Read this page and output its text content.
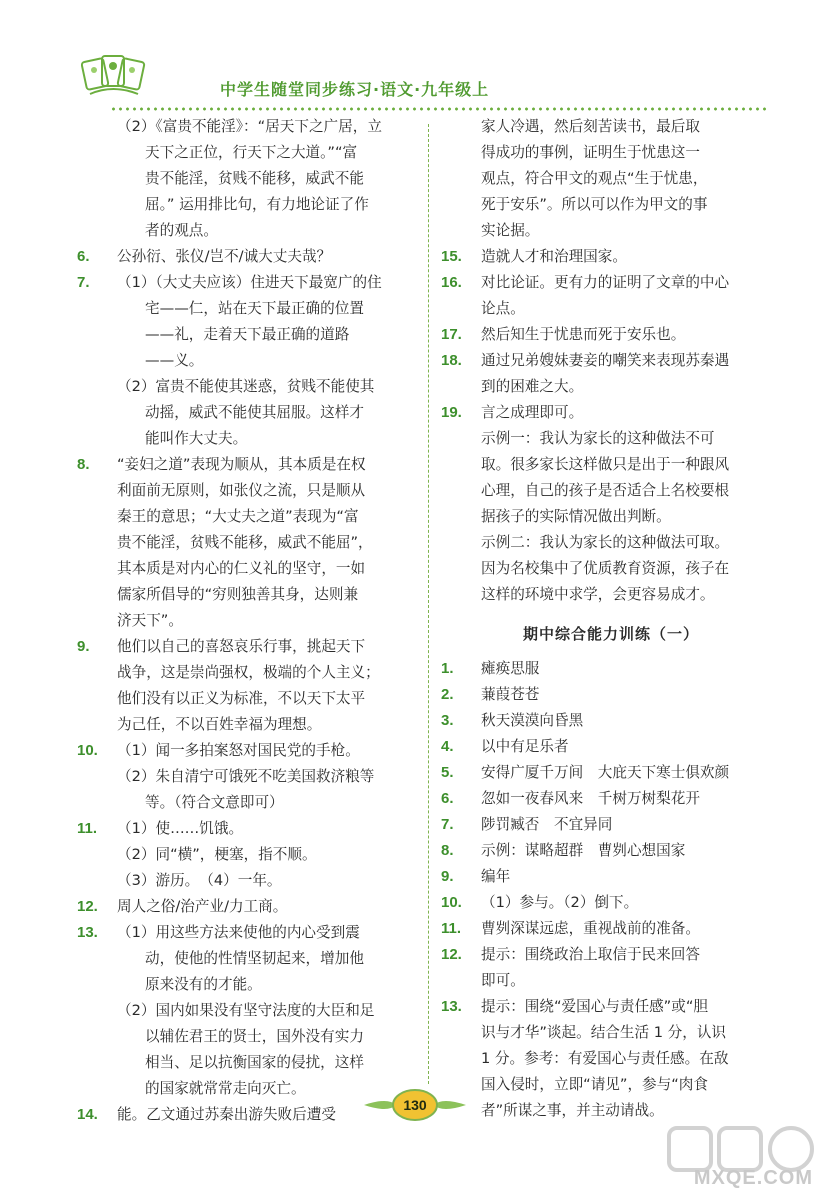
中学生随堂同步练习·语文·九年级上
（2）《富贵不能淫》：“居天下之广居，立
天下之正位，行天下之大道。”“富
贵不能淫，贫贱不能移，威武不能
屈。” 运用排比句，有力地论证了作
者的观点。
6. 公孙衍、张仪/岂不/诚大丈夫哉？
7. （1）（大丈夫应该）住进天下最宽广的住
宅——仁，站在天下最正确的位置
——礼，走着天下最正确的道路
——义。
（2）富贵不能使其迷惑，贫贱不能使其
动摇，威武不能使其屈服。这样才
能叫作大丈夫。
8. “妾妇之道”表现为顺从，其本质是在权
利面前无原则，如张仪之流，只是顺从
秦王的意思；“大丈夫之道”表现为“富
贵不能淫，贫贱不能移，威武不能屈”，
其本质是对内心的仁义礼的坚守，一如
儒家所倡导的“穷则独善其身，达则兼
济天下”。
9. 他们以自己的喜怒哀乐行事，挑起天下
战争，这是崇尚强权，极端的个人主义；
他们没有以正义为标准，不以天下太平
为己任，不以百姓幸福为理想。
10. （1）闻一多拍案怒对国民党的手枪。
（2）朱自清宁可饿死不吃美国救济粮等
等。（符合文意即可）
11. （1）使……饥饿。
（2）同“横”，梗塞，指不顺。
（3）游历。　（4）一年。
12. 周人之俗/治产业/力工商。
13. （1）用这些方法来使他的内心受到震
动，使他的性情坚韧起来，增加他
原来没有的才能。
（2）国内如果没有坚守法度的大臣和足
以辅佐君王的贤士，国外没有实力
相当、足以抗衡国家的侵扰，这样
的国家就常常走向灭亡。
14. 能。乙文通过苏秦出游失败后遭受
家人冷遇，然后刻苦读书，最后取
得成功的事例，证明生于忧患这一
观点，符合甲文的观点“生于忧患，
死于安乐”。所以可以作为甲文的事
实论据。
15. 造就人才和治理国家。
16. 对比论证。更有力的证明了文章的中心
论点。
17. 然后知生于忧患而死于安乐也。
18. 通过兄弟嫂妹妻妾的嘲笑来表现苏秦遇
到的困难之大。
19. 言之成理即可。
示例一：我认为家长的这种做法不可
取。很多家长这样做只是出于一种跟风
心理，自己的孩子是否适合上名校要根
据孩子的实际情况做出判断。
示例二：我认为家长的这种做法可取。
因为名校集中了优质教育资源，孩子在
这样的环境中求学，会更容易成才。
期中综合能力训练（一）
1. 瘫痪思服
2. 蒹葭苍苍
3. 秋天漠漠向昏黑
4. 以中有足乐者
5. 安得广厦千万间　大庇天下寒士俱欢颜
6. 忽如一夜春风来　千树万树梨花开
7. 陟罚臧否　不宜异同
8. 示例：谋略超群　曹刿心想国家
9. 编年
10. （1）参与。（2）倒下。
11. 曹刿深谋远虑，重视战前的准备。
12. 提示：围绕政治上取信于民来回答
即可。
13. 提示：围绕“爱国心与责任感”或“胆
识与才华”谈起。结合生活 1 分，认识
1 分。参考：有爱国心与责任感。在敌
国入侵时，立即“请见”，参与“肉食
者”所谋之事，并主动请战。
130
MXQE.COM
